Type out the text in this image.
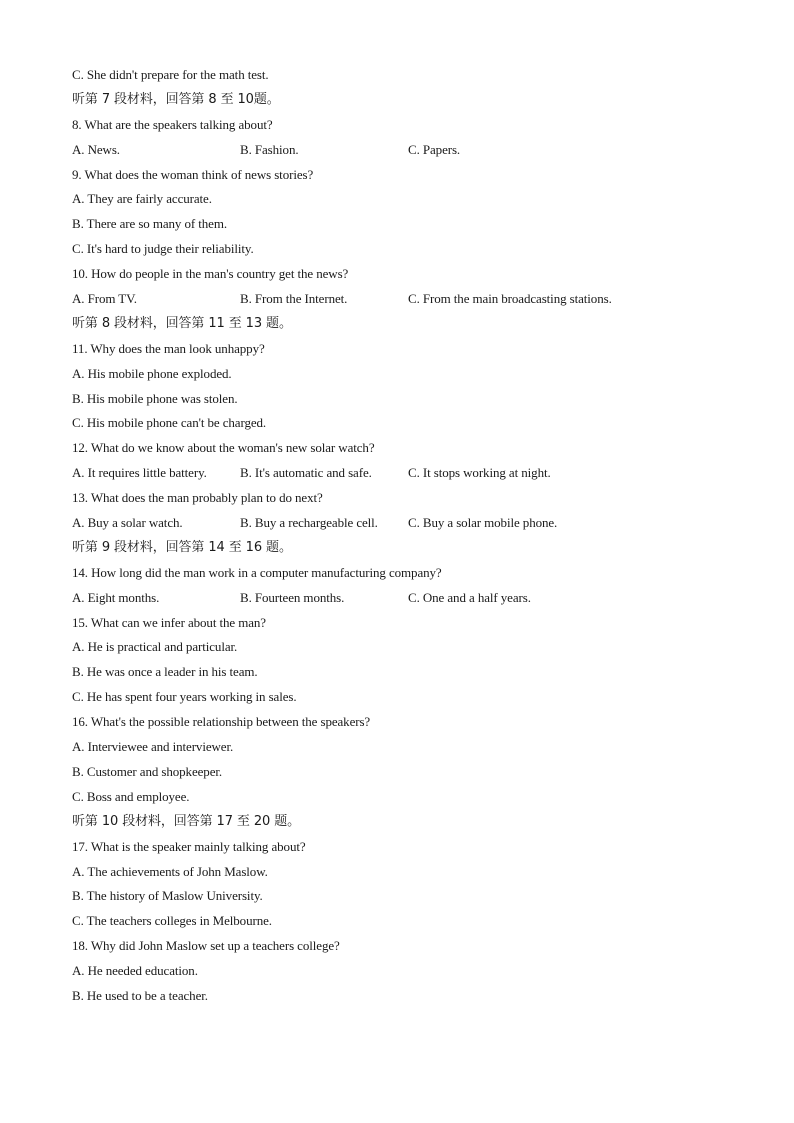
C. She didn't prepare for the math test.
听第 7 段材料，回答第 8 至 10题。
8. What are the speakers talking about?
A. News.	B. Fashion.	C. Papers.
9. What does the woman think of news stories?
A. They are fairly accurate.
B. There are so many of them.
C. It's hard to judge their reliability.
10. How do people in the man's country get the news?
A. From TV.	B. From the Internet.	C. From the main broadcasting stations.
听第 8 段材料，回答第 11 至 13 题。
11. Why does the man look unhappy?
A. His mobile phone exploded.
B. His mobile phone was stolen.
C. His mobile phone can't be charged.
12. What do we know about the woman's new solar watch?
A. It requires little battery.	B. It's automatic and safe.	C. It stops working at night.
13. What does the man probably plan to do next?
A. Buy a solar watch.	B. Buy a rechargeable cell.	C. Buy a solar mobile phone.
听第 9 段材料，回答第 14 至 16 题。
14. How long did the man work in a computer manufacturing company?
A. Eight months.	B. Fourteen months.	C. One and a half years.
15. What can we infer about the man?
A. He is practical and particular.
B. He was once a leader in his team.
C. He has spent four years working in sales.
16. What's the possible relationship between the speakers?
A. Interviewee and interviewer.
B. Customer and shopkeeper.
C. Boss and employee.
听第 10 段材料，回答第 17 至 20 题。
17. What is the speaker mainly talking about?
A. The achievements of John Maslow.
B. The history of Maslow University.
C. The teachers colleges in Melbourne.
18. Why did John Maslow set up a teachers college?
A. He needed education.
B. He used to be a teacher.
